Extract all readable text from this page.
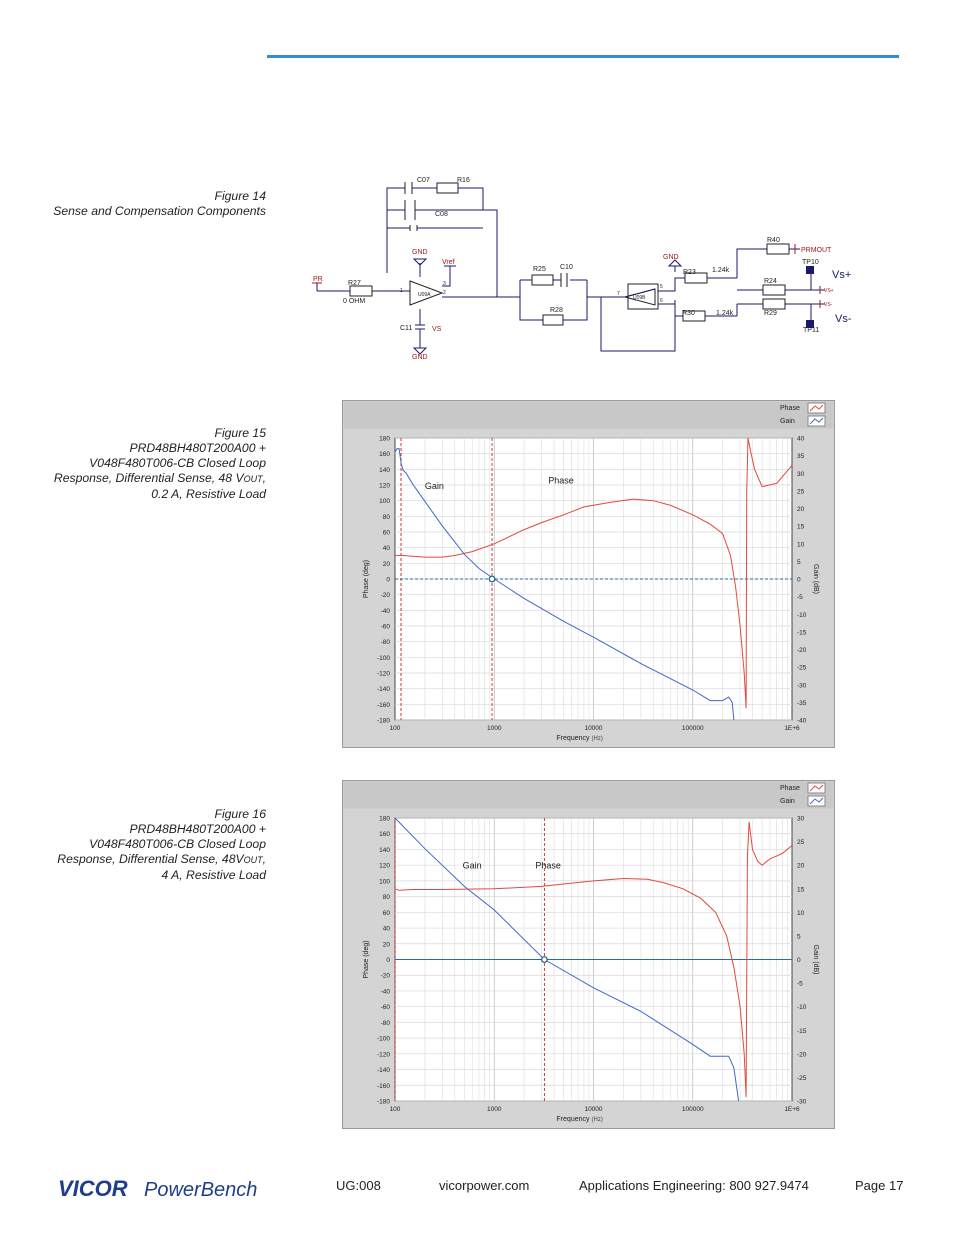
Figure 14
Sense and Compensation Components
C07	R16
C08
GND
Vref
PR
R27
0 OHM
C11	VS
GND
R25 C10
R28
GND
R23 1.24k
R40
PRMOUT
TP10
R24
R30	1.24k	R29
TP11
VS+
VS-
U09A	U09B
1	2
3	5
6
7
Vs+
Vs-
Figure 15
PRD48BH480T200A00 +
V048F480T006-CB Closed Loop
Response, Differential Sense, 48 VOUT,
0.2 A, Resistive Load
Phase
Gain
180
160
140
120
100
80
60
40
20
0
-20
-40
-60
-80
-100
-120
-140
-160
-180
40
35
30
25
20
15
10
5
0
-5
-10
-15
-20
-25
-30
-35
-40
100	1000	10000	100000	1E+6
Frequency (Hz)
Phase (deg)	Gain (dB)
Gain
Phase
Figure 16
PRD48BH480T200A00 +
V048F480T006-CB Closed Loop
Response, Differential Sense, 48VOUT,
4 A, Resistive Load
Phase
Gain
180
160
140
120
100
80
60
40
20
0
-20
-40
-60
-80
-100
-120
-140
-160
-180
30
25
20
15
10
5
0
-5
-10
-15
-20
-25
-30
100	1000	10000	100000	1E+6
Frequency (Hz)
Phase (deg)	Gain (dB)
Gain	Phase
VICOR PowerBench	UG:008	vicorpower.com	Applications Engineering: 800 927.9474	Page 17
